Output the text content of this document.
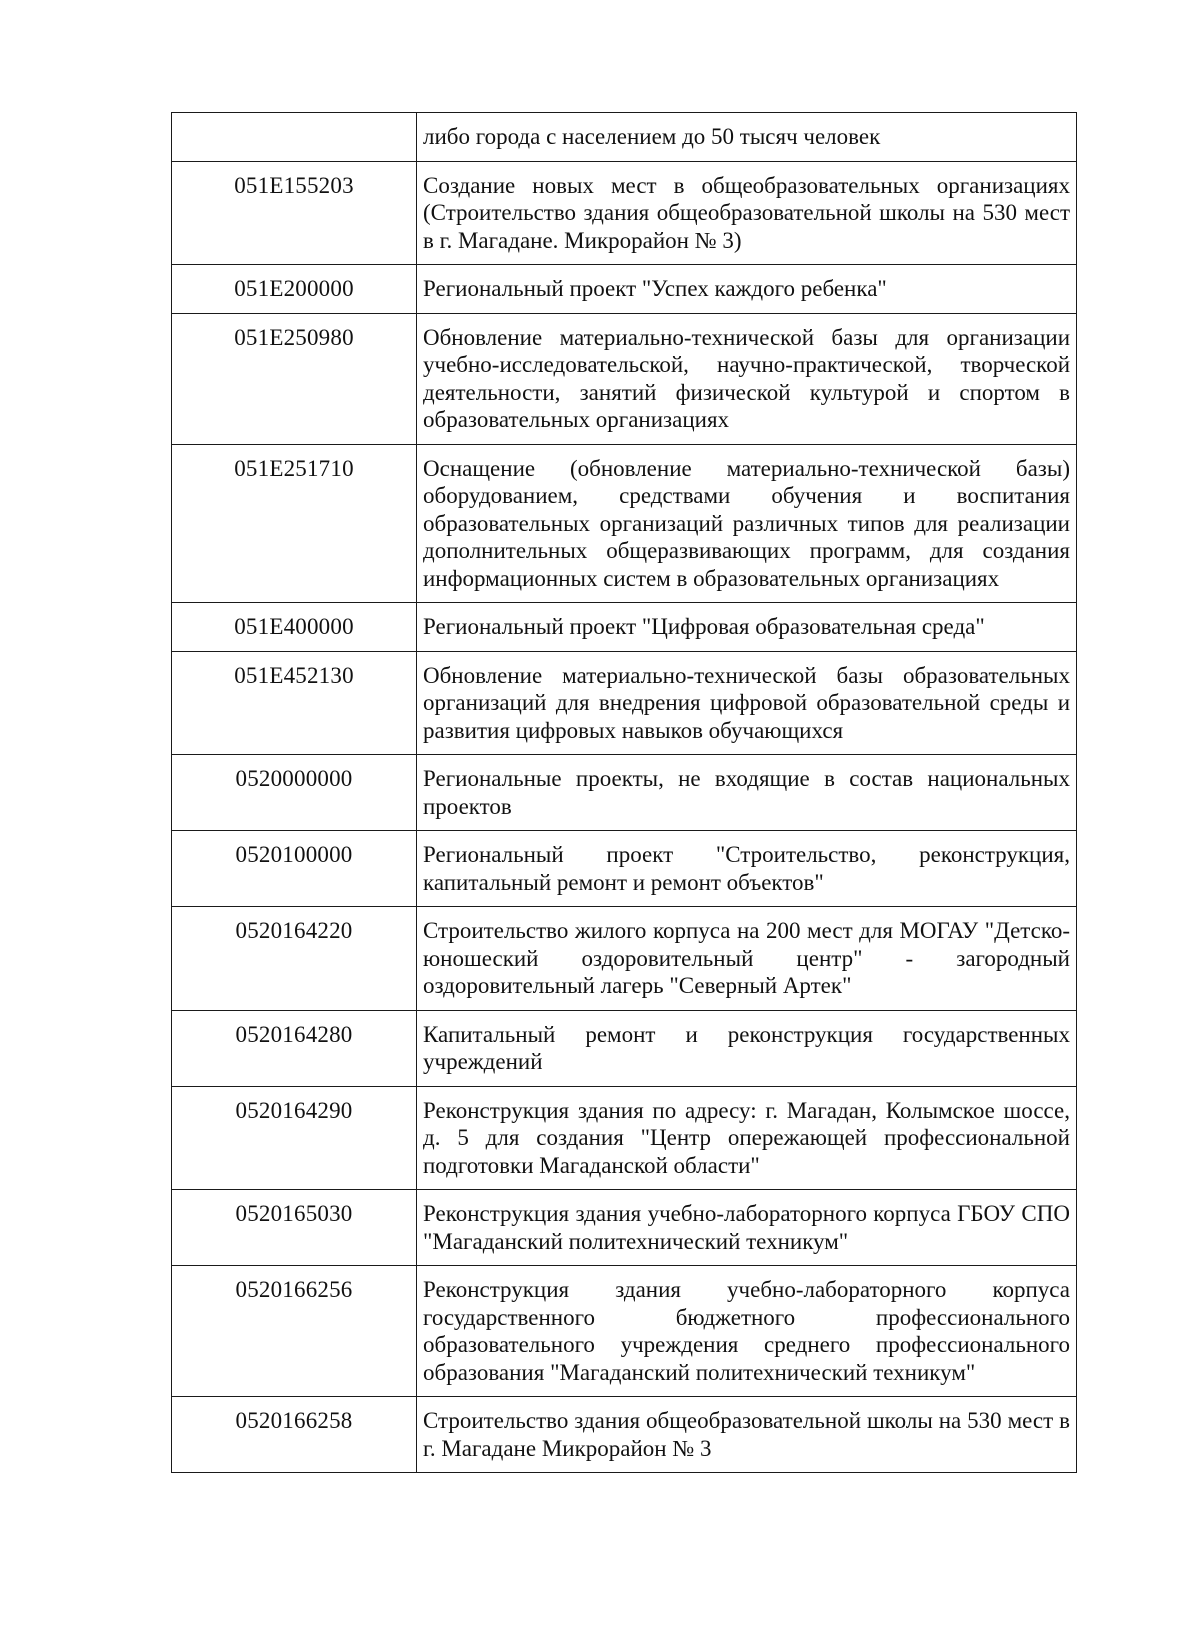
	либо города с населением до 50 тысяч человек
051E155203	Создание новых мест в общеобразовательных организациях (Строительство здания общеобразовательной школы на 530 мест в г. Магадане. Микрорайон № 3)
051E200000	Региональный проект "Успех каждого ребенка"
051E250980	Обновление материально-технической базы для организации учебно-исследовательской, научно-практической, творческой деятельности, занятий физической культурой и спортом в образовательных организациях
051E251710	Оснащение (обновление материально-технической базы) оборудованием, средствами обучения и воспитания образовательных организаций различных типов для реализации дополнительных общеразвивающих программ, для создания информационных систем в образовательных организациях
051E400000	Региональный проект "Цифровая образовательная среда"
051E452130	Обновление материально-технической базы образовательных организаций для внедрения цифровой образовательной среды и развития цифровых навыков обучающихся
0520000000	Региональные проекты, не входящие в состав национальных проектов
0520100000	Региональный проект "Строительство, реконструкция, капитальный ремонт и ремонт объектов"
0520164220	Строительство жилого корпуса на 200 мест для МОГАУ "Детско-юношеский оздоровительный центр" - загородный оздоровительный лагерь "Северный Артек"
0520164280	Капитальный ремонт и реконструкция государственных учреждений
0520164290	Реконструкция здания по адресу: г. Магадан, Колымское шоссе, д. 5 для создания "Центр опережающей профессиональной подготовки Магаданской области"
0520165030	Реконструкция здания учебно-лабораторного корпуса ГБОУ СПО "Магаданский политехнический техникум"
0520166256	Реконструкция здания учебно-лабораторного корпуса государственного бюджетного профессионального образовательного учреждения среднего профессионального образования "Магаданский политехнический техникум"
0520166258	Строительство здания общеобразовательной школы на 530 мест в г. Магадане Микрорайон № 3
